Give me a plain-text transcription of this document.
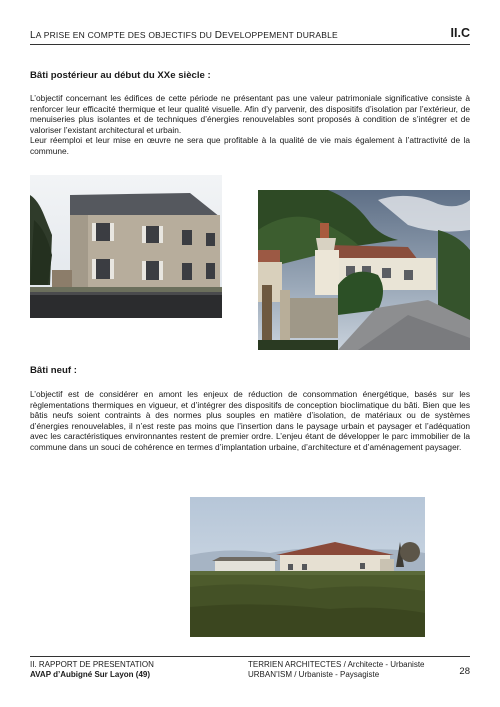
LA PRISE EN COMPTE DES OBJECTIFS DU DEVELOPPEMENT DURABLE	II.C
Bâti postérieur au début du XXe siècle :

L’objectif concernant les édifices de cette période ne présentant pas une valeur patrimoniale significative consiste à renforcer leur efficacité thermique et leur qualité visuelle. Afin d’y parvenir, des dispositifs d’isolation par l’extérieur, de menuiseries plus isolantes et de techniques d’énergies renouvelables sont proposés à condition de s’intégrer et de valoriser l’existant architectural et urbain.
Leur réemploi et leur mise en œuvre ne sera que profitable à la qualité de vie mais également à l’attractivité de la commune.

Bâti neuf :

L’objectif est de considérer en amont les enjeux de réduction de consommation énergétique, basés sur les règlementations thermiques en vigueur, et d’intégrer des dispositifs de conception bioclimatique du bâti. Bien que les bâtis neufs soient contraints à des normes plus souples en matière d’isolation, de matériaux ou de systèmes d’énergies renouvelables, il n’est reste pas moins que l’insertion dans le paysage urbain et paysager et l’adéquation avec les caractéristiques environnantes restent de premier ordre. L’enjeu étant de développer le parc immobilier de la commune dans un souci de cohérence en termes d’implantation urbaine, d’architecture et d’aménagement paysager.

II. RAPPORT DE PRESENTATION
AVAP d’Aubigné Sur Layon (49)
TERRIEN ARCHITECTES / Architecte - Urbaniste
URBAN’ISM / Urbaniste - Paysagiste	28
